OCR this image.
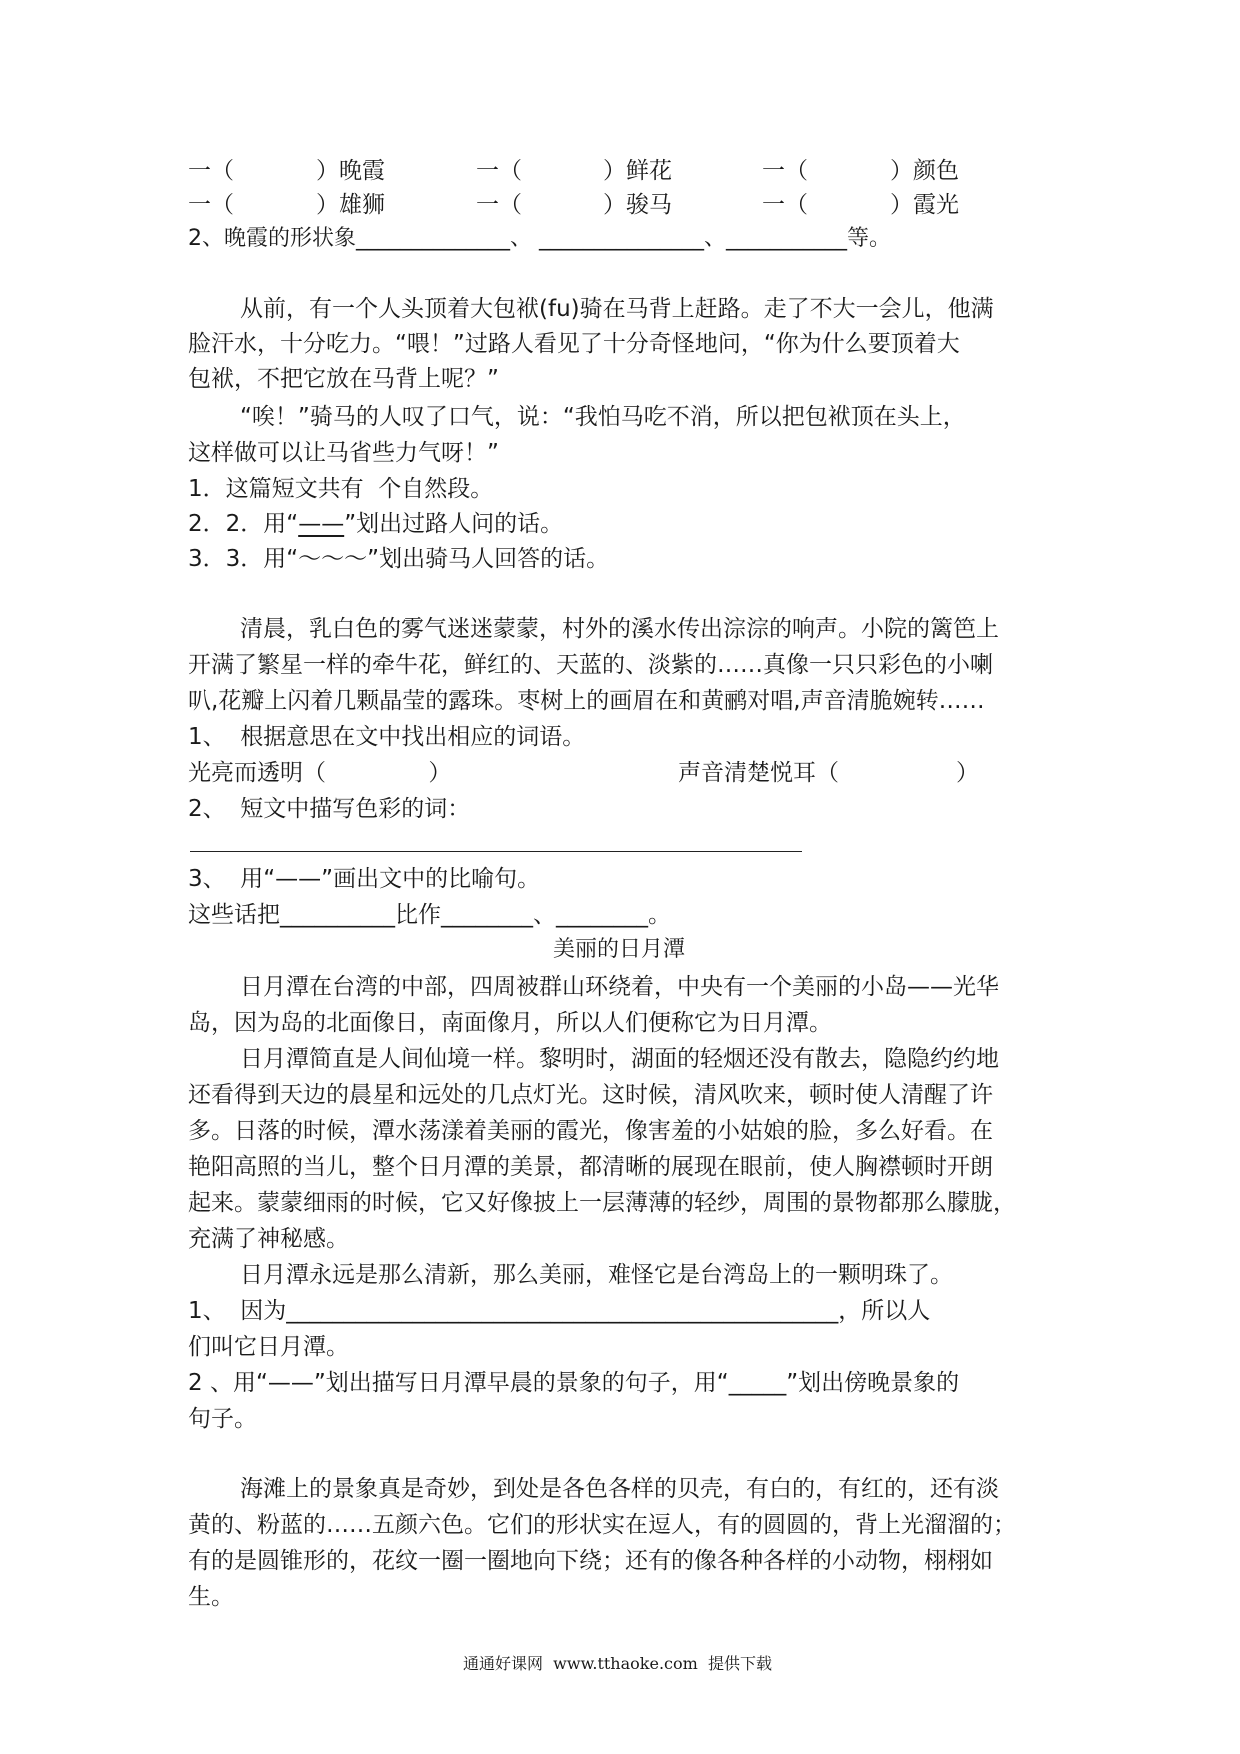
一（	）晚霞	一（	）鲜花	一（	）颜色
一（	）雄狮	一（	）骏马	一（	）霞光
2、晚霞的形状象______________、 _______________、___________等。
从前，有一个人头顶着大包袱(fu)骑在马背上赶路。走了不大一会儿，他满
脸汗水，十分吃力。“喂！”过路人看见了十分奇怪地问，“你为什么要顶着大
包袱，不把它放在马背上呢？”
“唉！”骑马的人叹了口气，说：“我怕马吃不消，所以把包袱顶在头上，
这样做可以让马省些力气呀！”
1．这篇短文共有  个自然段。
2．2．用“——”划出过路人问的话。
3．3．用“～～～”划出骑马人回答的话。
清晨，乳白色的雾气迷迷蒙蒙，村外的溪水传出淙淙的响声。小院的篱笆上
开满了繁星一样的牵牛花，鲜红的、天蓝的、淡紫的……真像一只只彩色的小喇
叭,花瓣上闪着几颗晶莹的露珠。枣树上的画眉在和黄鹂对唱,声音清脆婉转……
1、  根据意思在文中找出相应的词语。
光亮而透明（              ）	声音清楚悦耳（                ）
2、  短文中描写色彩的词：
3、  用“——”画出文中的比喻句。
这些话把__________比作________、________。
美丽的日月潭
日月潭在台湾的中部，四周被群山环绕着，中央有一个美丽的小岛——光华
岛，因为岛的北面像日，南面像月，所以人们便称它为日月潭。
日月潭简直是人间仙境一样。黎明时，湖面的轻烟还没有散去，隐隐约约地
还看得到天边的晨星和远处的几点灯光。这时候，清风吹来，顿时使人清醒了许
多。日落的时候，潭水荡漾着美丽的霞光，像害羞的小姑娘的脸，多么好看。在
艳阳高照的当儿，整个日月潭的美景，都清晰的展现在眼前，使人胸襟顿时开朗
起来。蒙蒙细雨的时候，它又好像披上一层薄薄的轻纱，周围的景物都那么朦胧，
充满了神秘感。
日月潭永远是那么清新，那么美丽，难怪它是台湾岛上的一颗明珠了。
1、  因为________________________________________________，所以人
们叫它日月潭。
2 、用“——”划出描写日月潭早晨的景象的句子，用“_____”划出傍晚景象的
句子。
海滩上的景象真是奇妙，到处是各色各样的贝壳，有白的，有红的，还有淡
黄的、粉蓝的……五颜六色。它们的形状实在逗人，有的圆圆的，背上光溜溜的；
有的是圆锥形的，花纹一圈一圈地向下绕；还有的像各种各样的小动物，栩栩如
生。
通通好课网  www.tthaoke.com  提供下载
